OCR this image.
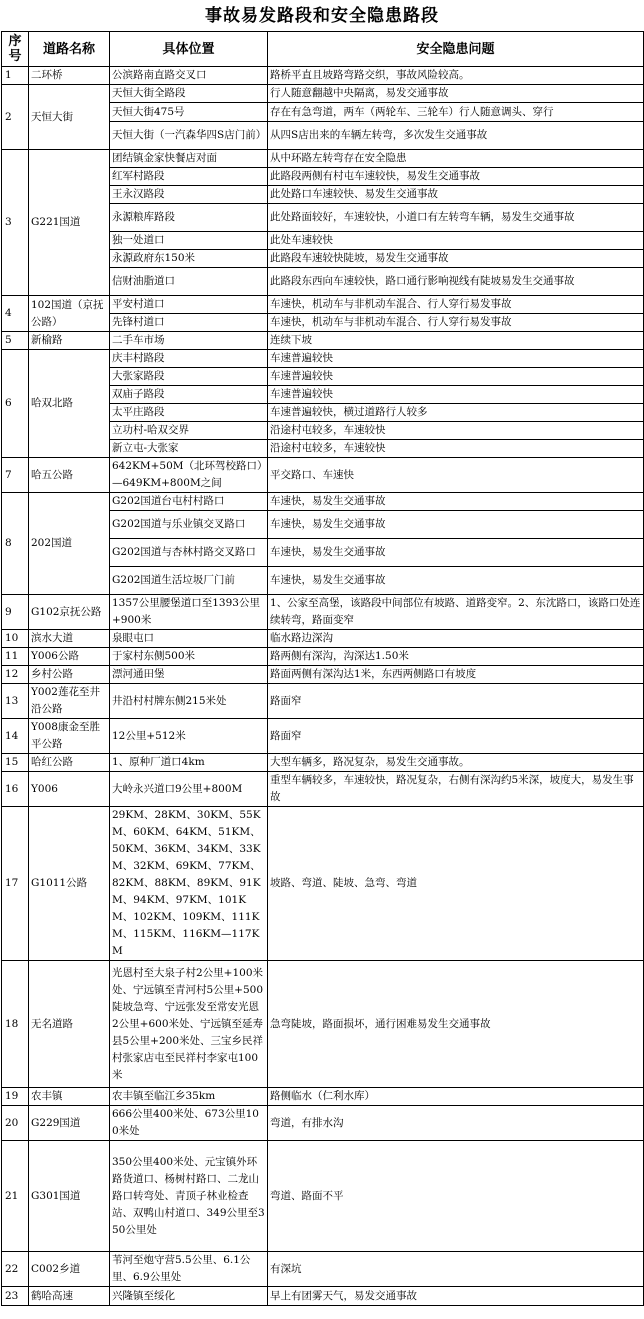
事故易发路段和安全隐患路段
序号	道路名称	具体位置	安全隐患问题
1	二环桥	公滨路南直路交叉口	路桥平直且坡路弯路交织，事故风险较高。
2	天恒大街	天恒大街全路段	行人随意翻越中央隔离，易发交通事故
		天恒大街475号	存在有急弯道，两车（两轮车、三轮车）行人随意调头、穿行
		天恒大街（一汽森华四S店门前）	从四S店出来的车辆左转弯，多次发生交通事故
3	G221国道	团结镇金家快餐店对面	从中环路左转弯存在安全隐患
		红军村路段	此路段两侧有村屯车速较快，易发生交通事故
		王永汉路段	此处路口车速较快、易发生交通事故
		永源粮库路段	此处路面较好，车速较快，小道口有左转弯车辆，易发生交通事故
		独一处道口	此处车速较快
		永源政府东150米	此路段车速较快陡坡，易发生交通事故
		信财油脂道口	此路段东西向车速较快，路口通行影响视线有陡坡易发生交通事故
4	102国道（京抚公路）	平安村道口	车速快，机动车与非机动车混合、行人穿行易发事故
		先锋村道口	车速快，机动车与非机动车混合、行人穿行易发事故
5	新榆路	二手车市场	连续下坡
6	哈双北路	庆丰村路段	车速普遍较快
		大张家路段	车速普遍较快
		双庙子路段	车速普遍较快
		太平庄路段	车速普遍较快，横过道路行人较多
		立功村-哈双交界	沿途村屯较多，车速较快
		新立屯-大张家	沿途村屯较多，车速较快
7	哈五公路	642KM+50M（北环驾校路口）—649KM+800M之间	平交路口、车速快
8	202国道	G202国道台屯村村路口	车速快，易发生交通事故
		G202国道与乐业镇交叉路口	车速快，易发生交通事故
		G202国道与杏林村路交叉路口	车速快，易发生交通事故
		G202国道生活垃圾厂门前	车速快，易发生交通事故
9	G102京抚公路	1357公里腰堡道口至1393公里+900米	1、公家至高堡，该路段中间部位有坡路、道路变窄。2、东沈路口，该路口处连续转弯，路面变窄
10	滨水大道	泉眼屯口	临水路边深沟
11	Y006公路	于家村东侧500米	路两侧有深沟，沟深达1.50米
12	乡村公路	漂河通田堡	路面两侧有深沟达1米，东西两侧路口有坡度
13	Y002莲花至井沿公路	井沿村村牌东侧215米处	路面窄
14	Y008康金至胜平公路	12公里+512米	路面窄
15	哈红公路	1、原种厂道口4km	大型车辆多，路况复杂，易发生交通事故。
16	Y006	大岭永兴道口9公里+800M	重型车辆较多，车速较快，路况复杂，右侧有深沟约5米深，坡度大，易发生事故
17	G1011公路	29KM、28KM、30KM、55KM、60KM、64KM、51KM、50KM、36KM、34KM、33KM、32KM、69KM、77KM、82KM、88KM、89KM、91KM、94KM、97KM、101KM、102KM、109KM、111KM、115KM、116KM—117KM	坡路、弯道、陡坡、急弯、弯道
18	无名道路	光恩村至大泉子村2公里+100米处、宁远镇至青河村5公里+500陡坡急弯、宁远张发至常安光恩2公里+600米处、宁远镇至延寿县5公里+200米处、三宝乡民祥村张家店屯至民祥村李家屯100米	急弯陡坡，路面损坏，通行困难易发生交通事故
19	农丰镇	农丰镇至临江乡35km	路侧临水（仁利水库）
20	G229国道	666公里400米处、673公里100米处	弯道，有排水沟
21	G301国道	350公里400米处、元宝镇外环路货道口、杨树村路口、二龙山路口转弯处、青顶子林业检查站、双鸭山村道口、349公里至350公里处	弯道、路面不平
22	C002乡道	苇河至炮守营5.5公里、6.1公里、6.9公里处	有深坑
23	鹤哈高速	兴隆镇至绥化	早上有团雾天气，易发交通事故
